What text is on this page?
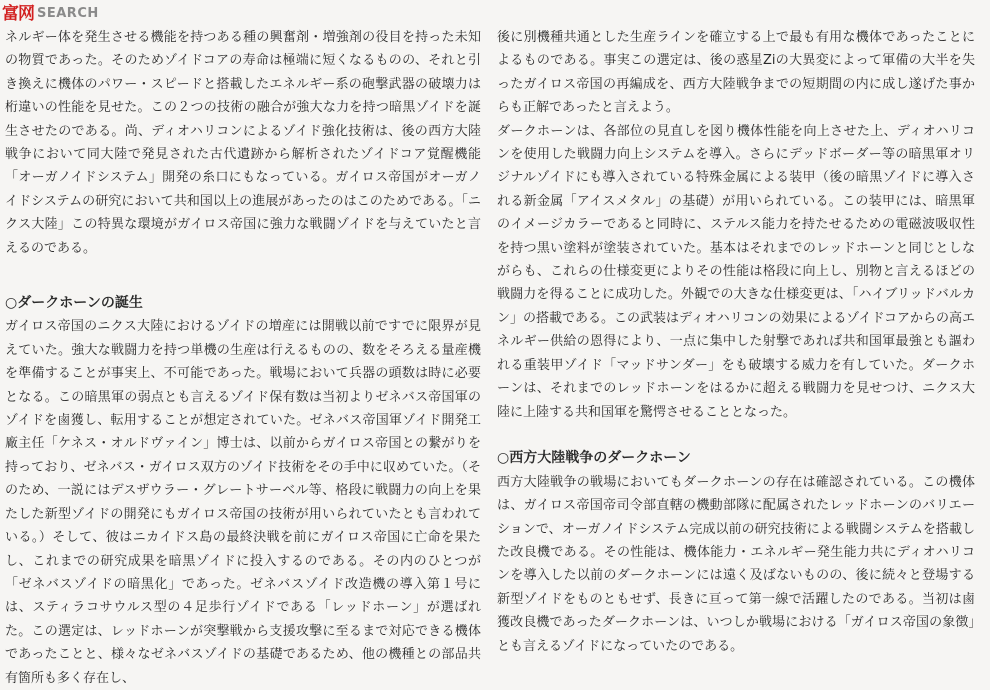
富网 SEARCH

ネルギー体を発生させる機能を持つある種の興奮剤・増強剤の役目を持った未知の物質であった。そのためゾイドコアの寿命は極端に短くなるものの、それと引き換えに機体のパワー・スピードと搭載したエネルギー系の砲撃武器の破壊力は桁違いの性能を見せた。この２つの技術の融合が強大な力を持つ暗黒ゾイドを誕生させたのである。尚、ディオハリコンによるゾイド強化技術は、後の西方大陸戦争において同大陸で発見された古代遺跡から解析されたゾイドコア覚醒機能「オーガノイドシステム」開発の糸口にもなっている。ガイロス帝国がオーガノイドシステムの研究において共和国以上の進展があったのはこのためである。「ニクス大陸」この特異な環境がガイロス帝国に強力な戦闘ゾイドを与えていたと言えるのである。

○ダークホーンの誕生

ガイロス帝国のニクス大陸におけるゾイドの増産には開戦以前ですでに限界が見えていた。強大な戦闘力を持つ単機の生産は行えるものの、数をそろえる量産機を準備することが事実上、不可能であった。戦場において兵器の頭数は時に必要となる。この暗黒軍の弱点とも言えるゾイド保有数は当初よりゼネバス帝国軍のゾイドを鹵獲し、転用することが想定されていた。ゼネバス帝国軍ゾイド開発工廠主任「ケネス・オルドヴァイン」博士は、以前からガイロス帝国との繋がりを持っており、ゼネバス・ガイロス双方のゾイド技術をその手中に収めていた。（そのため、一説にはデスザウラー・グレートサーベル等、格段に戦闘力の向上を果たした新型ゾイドの開発にもガイロス帝国の技術が用いられていたとも言われている。）そして、彼はニカイドス島の最終決戦を前にガイロス帝国に亡命を果たし、これまでの研究成果を暗黒ゾイドに投入するのである。その内のひとつが「ゼネバスゾイドの暗黒化」であった。ゼネバスゾイド改造機の導入第１号には、スティラコサウルス型の４足歩行ゾイドである「レッドホーン」が選ばれた。この選定は、レッドホーンが突撃戦から支援攻撃に至るまで対応できる機体であったことと、様々なゼネバスゾイドの基礎であるため、他の機種との部品共有箇所も多く存在し、

後に別機種共通とした生産ラインを確立する上で最も有用な機体であったことによるものである。事実この選定は、後の惑星Ziの大異変によって軍備の大半を失ったガイロス帝国の再編成を、西方大陸戦争までの短期間の内に成し遂げた事からも正解であったと言えよう。

ダークホーンは、各部位の見直しを図り機体性能を向上させた上、ディオハリコンを使用した戦闘力向上システムを導入。さらにデッドボーダー等の暗黒軍オリジナルゾイドにも導入されている特殊金属による装甲（後の暗黒ゾイドに導入される新金属「アイスメタル」の基礎）が用いられている。この装甲には、暗黒軍のイメージカラーであると同時に、ステルス能力を持たせるための電磁波吸収性を持つ黒い塗料が塗装されていた。基本はそれまでのレッドホーンと同じとしながらも、これらの仕様変更によりその性能は格段に向上し、別物と言えるほどの戦闘力を得ることに成功した。外観での大きな仕様変更は、「ハイブリッドバルカン」の搭載である。この武装はディオハリコンの効果によるゾイドコアからの高エネルギー供給の恩得により、一点に集中した射撃であれば共和国軍最強とも謳われる重装甲ゾイド「マッドサンダー」をも破壊する威力を有していた。ダークホーンは、それまでのレッドホーンをはるかに超える戦闘力を見せつけ、ニクス大陸に上陸する共和国軍を驚愕させることとなった。

○西方大陸戦争のダークホーン

西方大陸戦争の戦場においてもダークホーンの存在は確認されている。この機体は、ガイロス帝国帝司令部直轄の機動部隊に配属されたレッドホーンのバリエーションで、オーガノイドシステム完成以前の研究技術による戦闘システムを搭載した改良機である。その性能は、機体能力・エネルギー発生能力共にディオハリコンを導入した以前のダークホーンには遠く及ばないものの、後に続々と登場する新型ゾイドをものともせず、長きに亘って第一線で活躍したのである。当初は鹵獲改良機であったダークホーンは、いつしか戦場における「ガイロス帝国の象徴」とも言えるゾイドになっていたのである。
